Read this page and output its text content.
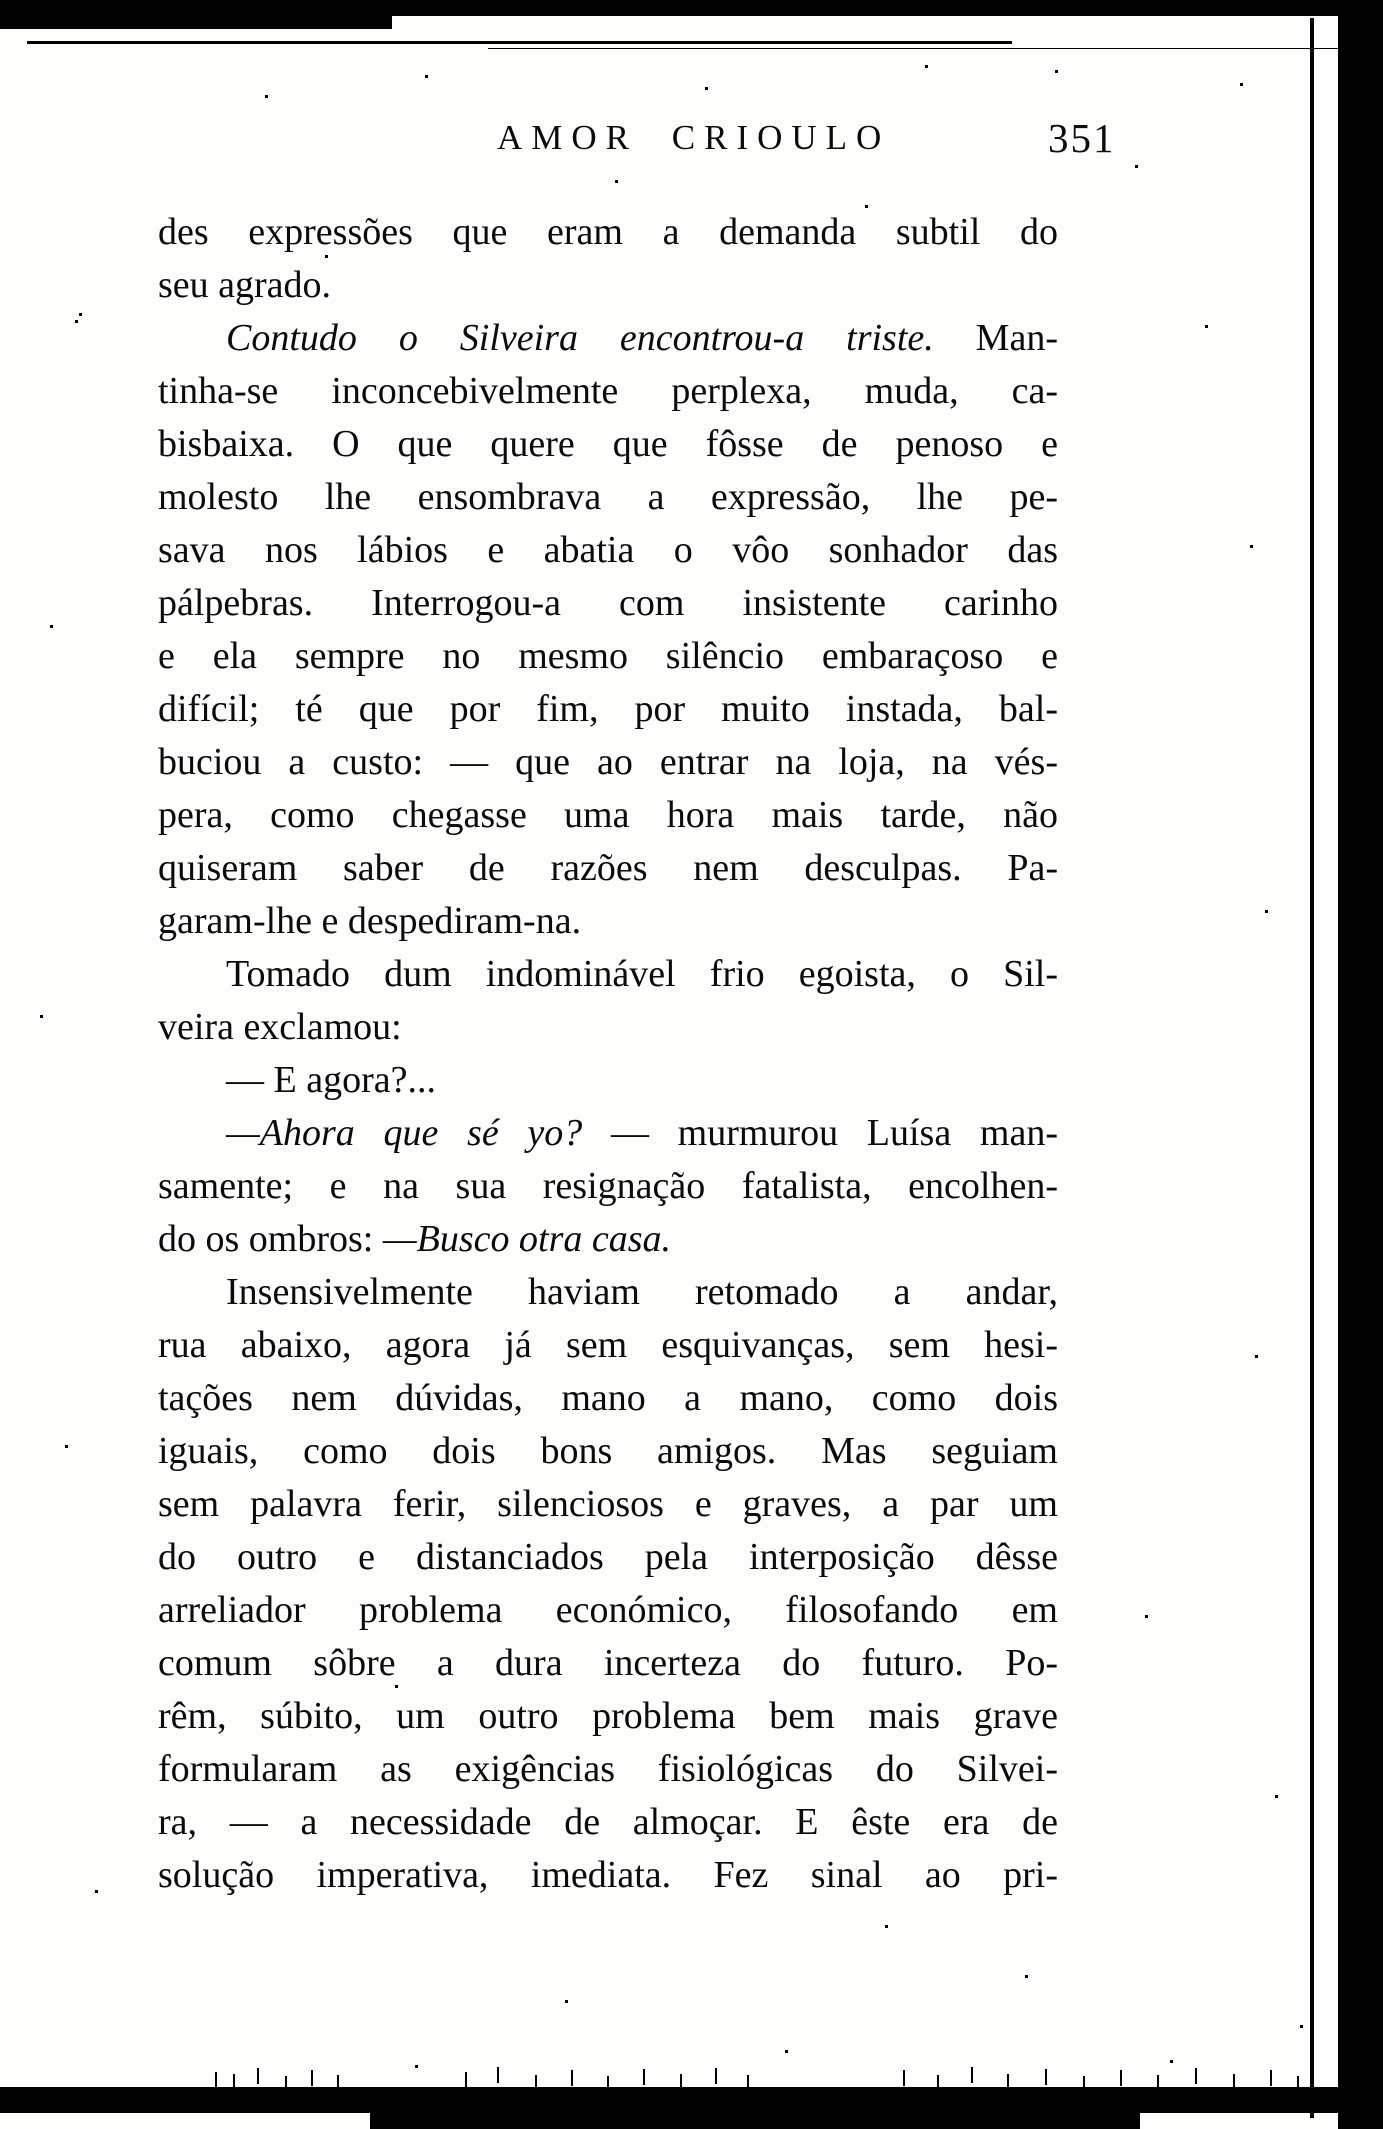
AMOR CRIOULO	351
des expressões que eram a demanda subtil do
seu agrado.
Contudo o Silveira encontrou-a triste. Man-
tinha-se inconcebivelmente perplexa, muda, ca-
bisbaixa. O que quere que fôsse de penoso e
molesto lhe ensombrava a expressão, lhe pe-
sava nos lábios e abatia o vôo sonhador das
pálpebras. Interrogou-a com insistente carinho
e ela sempre no mesmo silêncio embaraçoso e
difícil; té que por fim, por muito instada, bal-
buciou a custo: — que ao entrar na loja, na vés-
pera, como chegasse uma hora mais tarde, não
quiseram saber de razões nem desculpas. Pa-
garam-lhe e despediram-na.
Tomado dum indominável frio egoista, o Sil-
veira exclamou:
— E agora?...
—Ahora que sé yo? — murmurou Luísa man-
samente; e na sua resignação fatalista, encolhen-
do os ombros: —Busco otra casa.
Insensivelmente haviam retomado a andar,
rua abaixo, agora já sem esquivanças, sem hesi-
tações nem dúvidas, mano a mano, como dois
iguais, como dois bons amigos. Mas seguiam
sem palavra ferir, silenciosos e graves, a par um
do outro e distanciados pela interposição dêsse
arreliador problema económico, filosofando em
comum sôbre a dura incerteza do futuro. Po-
rêm, súbito, um outro problema bem mais grave
formularam as exigências fisiológicas do Silvei-
ra, — a necessidade de almoçar. E êste era de
solução imperativa, imediata. Fez sinal ao pri-
